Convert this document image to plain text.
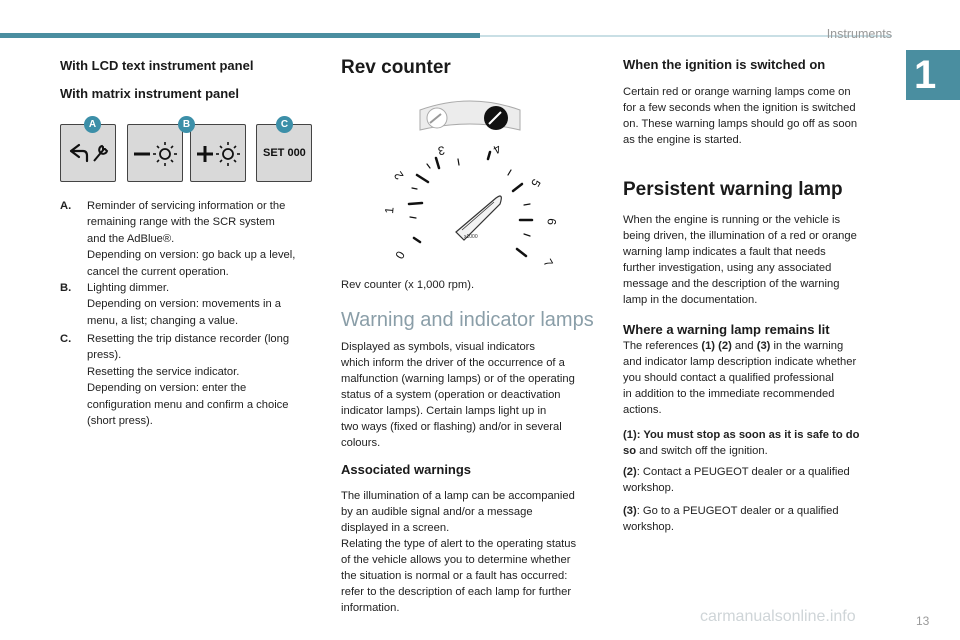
Instruments
1
With LCD text instrument panel
With matrix instrument panel
SET 000
A	B	C
A. Reminder of servicing information or the
remaining range with the SCR system
and the AdBlue®.
Depending on version: go back up a level,
cancel the current operation.
B. Lighting dimmer.
Depending on version: movements in a
menu, a list; changing a value.
C. Resetting the trip distance recorder (long
press).
Resetting the service indicator.
Depending on version: enter the
configuration menu and confirm a choice
(short press).
Rev counter
x1000
0
1
2
3	4
5
6
7
Rev counter (x 1,000 rpm).
Warning and indicator lamps
Displayed as symbols, visual indicators
which inform the driver of the occurrence of a
malfunction (warning lamps) or of the operating
status of a system (operation or deactivation
indicator lamps). Certain lamps light up in
two ways (fixed or flashing) and/or in several
colours.
Associated warnings
The illumination of a lamp can be accompanied
by an audible signal and/or a message
displayed in a screen.
Relating the type of alert to the operating status
of the vehicle allows you to determine whether
the situation is normal or a fault has occurred:
refer to the description of each lamp for further
information.
When the ignition is switched on
Certain red or orange warning lamps come on
for a few seconds when the ignition is switched
on. These warning lamps should go off as soon
as the engine is started.
Persistent warning lamp
When the engine is running or the vehicle is
being driven, the illumination of a red or orange
warning lamp indicates a fault that needs
further investigation, using any associated
message and the description of the warning
lamp in the documentation.
Where a warning lamp remains lit
The references (1) (2) and (3) in the warning
and indicator lamp description indicate whether
you should contact a qualified professional
in addition to the immediate recommended
actions.
(1): You must stop as soon as it is safe to do
so and switch off the ignition.
(2): Contact a PEUGEOT dealer or a qualified
workshop.
(3): Go to a PEUGEOT dealer or a qualified
workshop.
carmanualsonline.info	13
